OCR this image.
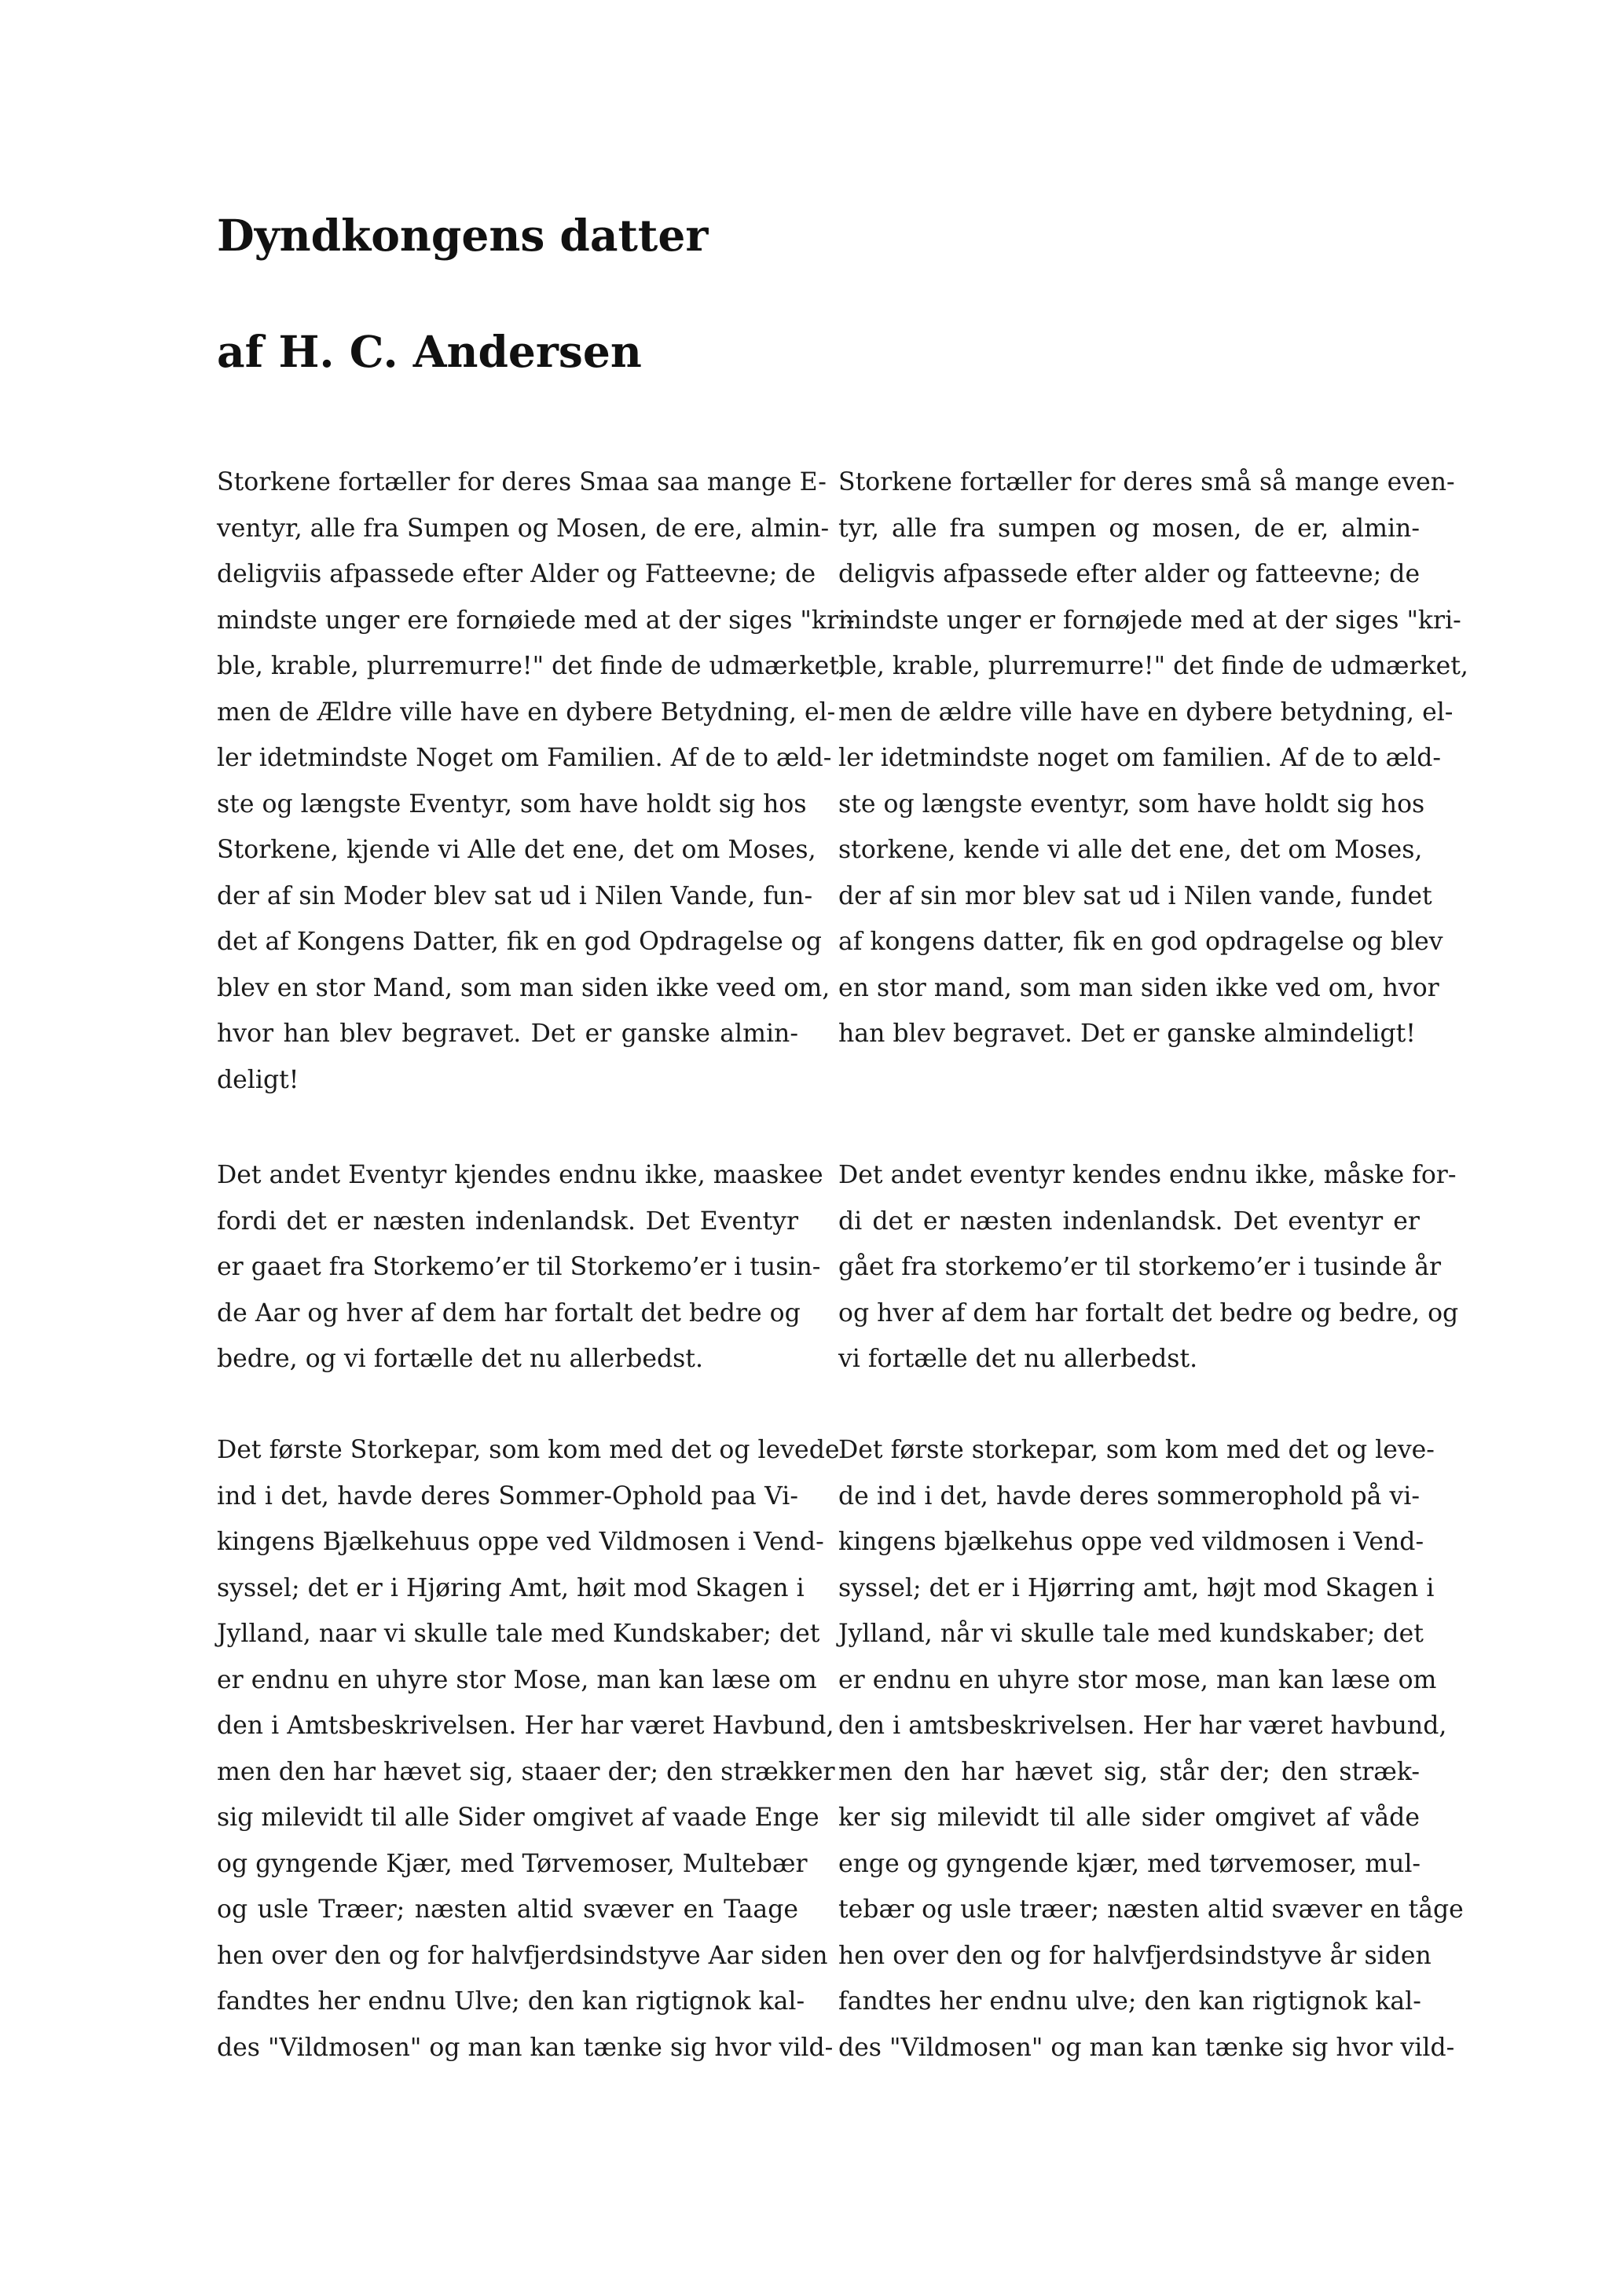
Dyndkongens datter
af H. C. Andersen
Storkene fortæller for deres Smaa saa mange E-
ventyr, alle fra Sumpen og Mosen, de ere, almin-
deligviis afpassede efter Alder og Fatteevne; de
mindste unger ere fornøiede med at der siges "kri-
ble, krable, plurremurre!" det finde de udmærket,
men de Ældre ville have en dybere Betydning, el-
ler idetmindste Noget om Familien. Af de to æld-
ste og længste Eventyr, som have holdt sig hos
Storkene, kjende vi Alle det ene, det om Moses,
der af sin Moder blev sat ud i Nilen Vande, fun-
det af Kongens Datter, fik en god Opdragelse og
blev en stor Mand, som man siden ikke veed om,
hvor han blev begravet. Det er ganske almin-
deligt!
Storkene fortæller for deres små så mange even-
tyr, alle fra sumpen og mosen, de er, almin-
deligvis afpassede efter alder og fatteevne; de
mindste unger er fornøjede med at der siges "kri-
ble, krable, plurremurre!" det finde de udmærket,
men de ældre ville have en dybere betydning, el-
ler idetmindste noget om familien. Af de to æld-
ste og længste eventyr, som have holdt sig hos
storkene, kende vi alle det ene, det om Moses,
der af sin mor blev sat ud i Nilen vande, fundet
af kongens datter, fik en god opdragelse og blev
en stor mand, som man siden ikke ved om, hvor
han blev begravet. Det er ganske almindeligt!
Det andet Eventyr kjendes endnu ikke, maaskee
fordi det er næsten indenlandsk. Det Eventyr
er gaaet fra Storkemo’er til Storkemo’er i tusin-
de Aar og hver af dem har fortalt det bedre og
bedre, og vi fortælle det nu allerbedst.
Det andet eventyr kendes endnu ikke, måske for-
di det er næsten indenlandsk. Det eventyr er
gået fra storkemo’er til storkemo’er i tusinde år
og hver af dem har fortalt det bedre og bedre, og
vi fortælle det nu allerbedst.
Det første Storkepar, som kom med det og levede
ind i det, havde deres Sommer-Ophold paa Vi-
kingens Bjælkehuus oppe ved Vildmosen i Vend-
syssel; det er i Hjøring Amt, høit mod Skagen i
Jylland, naar vi skulle tale med Kundskaber; det
er endnu en uhyre stor Mose, man kan læse om
den i Amtsbeskrivelsen. Her har været Havbund,
men den har hævet sig, staaer der; den strækker
sig milevidt til alle Sider omgivet af vaade Enge
og gyngende Kjær, med Tørvemoser, Multebær
og usle Træer; næsten altid svæver en Taage
hen over den og for halvfjerdsindstyve Aar siden
fandtes her endnu Ulve; den kan rigtignok kal-
des "Vildmosen" og man kan tænke sig hvor vild-
Det første storkepar, som kom med det og leve-
de ind i det, havde deres sommerophold på vi-
kingens bjælkehus oppe ved vildmosen i Vend-
syssel; det er i Hjørring amt, højt mod Skagen i
Jylland, når vi skulle tale med kundskaber; det
er endnu en uhyre stor mose, man kan læse om
den i amtsbeskrivelsen. Her har været havbund,
men den har hævet sig, står der; den stræk-
ker sig milevidt til alle sider omgivet af våde
enge og gyngende kjær, med tørvemoser, mul-
tebær og usle træer; næsten altid svæver en tåge
hen over den og for halvfjerdsindstyve år siden
fandtes her endnu ulve; den kan rigtignok kal-
des "Vildmosen" og man kan tænke sig hvor vild-
